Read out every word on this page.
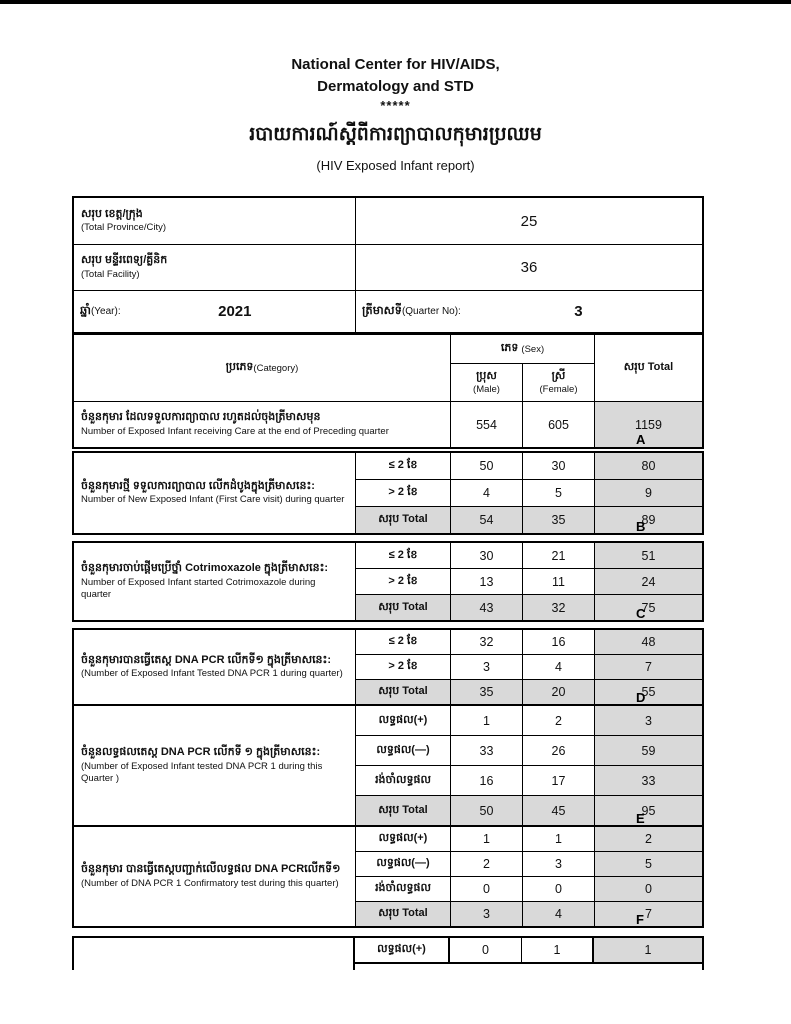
National Center for HIV/AIDS,
Dermatology and STD
*****
របាយការណ៍ស្តីពីការព្យាបាលកុមារប្រឈម
(HIV Exposed Infant report)
សរុប ខេត្ត/ក្រុង
(Total Province/City)	25
សរុប មន្ទីរពេទ្យ/គ្លីនិក
(Total Facility)	36
ឆ្នាំ (Year):	2021	ត្រីមាសទី (Quarter No):	3
ប្រភេទ (Category)
ភេទ
(Sex)
សរុប Total
ប្រុស
(Male)
ស្រី
(Female)
ចំនួនកុមារ ដែលទទួលការព្យាបាល រហូតដល់ចុងត្រីមាសមុន
Number of Exposed Infant receiving Care at the end of Preceding quarter	554	605	1159
A
ចំនួនកុមារថ្មី ទទួលការព្យាបាល លើកដំបូងក្នុងត្រីមាសនេះ:
Number of New Exposed Infant (First Care visit) during quarter
≤ 2 ខែ	50	30	80
> 2 ខែ	4	5	9
សរុប Total	54	35	89
ចំនួនកុមារចាប់ផ្តើមប្រើថ្នាំ Cotrimoxazole ក្នុងត្រីមាសនេះ:
Number of Exposed Infant started Cotrimoxazole during quarter
≤ 2 ខែ	30	21	51
> 2 ខែ	13	11	24
សរុប Total	43	32	75
ចំនួនកុមារបានធ្វើតេស្ត DNA PCR លើកទី១ ក្នុងត្រីមាសនេះ:
(Number of Exposed Infant Tested DNA PCR 1 during quarter)
≤ 2 ខែ	32	16	48
> 2 ខែ	3	4	7
សរុប Total	35	20	55
ចំនួនលទ្ធផលតេស្ត DNA PCR លើកទី ១ ក្នុងត្រីមាសនេះ:
(Number of Exposed Infant tested DNA PCR 1 during this Quarter )
លទ្ធផល(+)	1	2	3
លទ្ធផល(—)	33	26	59
រង់ចាំលទ្ធផល	16	17	33
សរុប Total	50	45	95
ចំនួនកុមារ បានធ្វើតេស្តបញ្ជាក់លើលទ្ធផល DNA PCRលើកទី១
(Number of DNA PCR 1 Confirmatory test during this quarter)
លទ្ធផល(+)	1	1	2
លទ្ធផល(—)	2	3	5
រង់ចាំលទ្ធផល	0	0	0
សរុប Total	3	4	7
លទ្ធផល(+)	0	1	1
B
C
D
E
F
